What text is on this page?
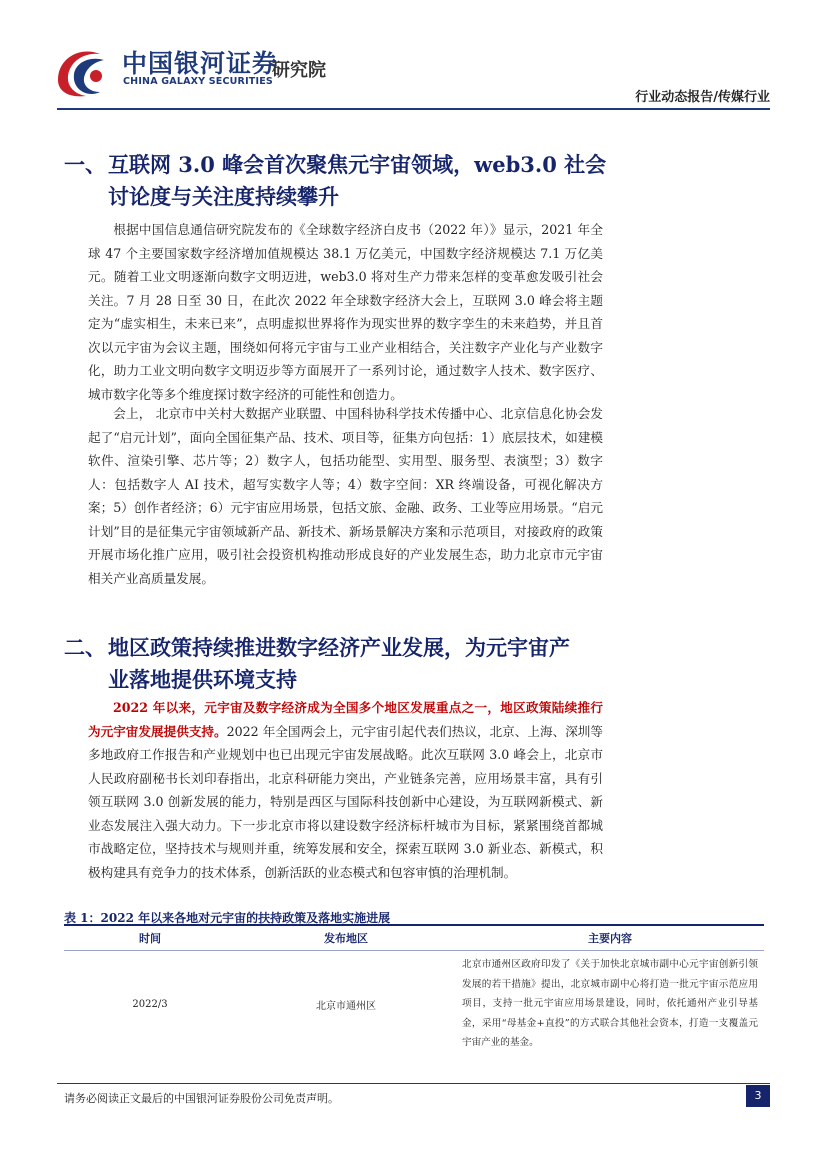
中国银河证券
CHINA GALAXY SECURITIES
研究院
行业动态报告/传媒行业
一、互联网 3.0 峰会首次聚焦元宇宙领域，web3.0 社会
讨论度与关注度持续攀升
根据中国信息通信研究院发布的《全球数字经济白皮书（2022 年）》显示，2021 年全球 47 个主要国家数字经济增加值规模达 38.1 万亿美元，中国数字经济规模达 7.1 万亿美元。随着工业文明逐渐向数字文明迈进，web3.0 将对生产力带来怎样的变革愈发吸引社会关注。7 月 28 日至 30 日，在此次 2022 年全球数字经济大会上，互联网 3.0 峰会将主题定为“虚实相生，未来已来”，点明虚拟世界将作为现实世界的数字孪生的未来趋势，并且首次以元宇宙为会议主题，围绕如何将元宇宙与工业产业相结合，关注数字产业化与产业数字化，助力工业文明向数字文明迈步等方面展开了一系列讨论，通过数字人技术、数字医疗、城市数字化等多个维度探讨数字经济的可能性和创造力。
会上， 北京市中关村大数据产业联盟、中国科协科学技术传播中心、北京信息化协会发起了“启元计划”，面向全国征集产品、技术、项目等，征集方向包括：1）底层技术，如建模软件、渲染引擎、芯片等；2）数字人，包括功能型、实用型、服务型、表演型；3）数字人：包括数字人 AI 技术，超写实数字人等；4）数字空间：XR 终端设备，可视化解决方案；5）创作者经济；6）元宇宙应用场景，包括文旅、金融、政务、工业等应用场景。“启元计划”目的是征集元宇宙领域新产品、新技术、新场景解决方案和示范项目，对接政府的政策开展市场化推广应用，吸引社会投资机构推动形成良好的产业发展生态，助力北京市元宇宙相关产业高质量发展。
二、地区政策持续推进数字经济产业发展，为元宇宙产
业落地提供环境支持
2022 年以来，元宇宙及数字经济成为全国多个地区发展重点之一，地区政策陆续推行为元宇宙发展提供支持。2022 年全国两会上，元宇宙引起代表们热议，北京、上海、深圳等多地政府工作报告和产业规划中也已出现元宇宙发展战略。此次互联网 3.0 峰会上，北京市人民政府副秘书长刘印春指出，北京科研能力突出，产业链条完善，应用场景丰富，具有引领互联网 3.0 创新发展的能力，特别是西区与国际科技创新中心建设，为互联网新模式、新业态发展注入强大动力。下一步北京市将以建设数字经济标杆城市为目标，紧紧围绕首都城市战略定位，坚持技术与规则并重，统筹发展和安全，探索互联网 3.0 新业态、新模式，积极构建具有竞争力的技术体系，创新活跃的业态模式和包容审慎的治理机制。
表 1：2022 年以来各地对元宇宙的扶持政策及落地实施进展
时间	发布地区	主要内容
2022/3	北京市通州区	北京市通州区政府印发了《关于加快北京城市副中心元宇宙创新引领发展的若干措施》提出，北京城市副中心将打造一批元宇宙示范应用项目，支持一批元宇宙应用场景建设，同时，依托通州产业引导基金，采用“母基金+直投”的方式联合其他社会资本，打造一支覆盖元宇宙产业的基金。
请务必阅读正文最后的中国银河证券股份公司免责声明。	3
